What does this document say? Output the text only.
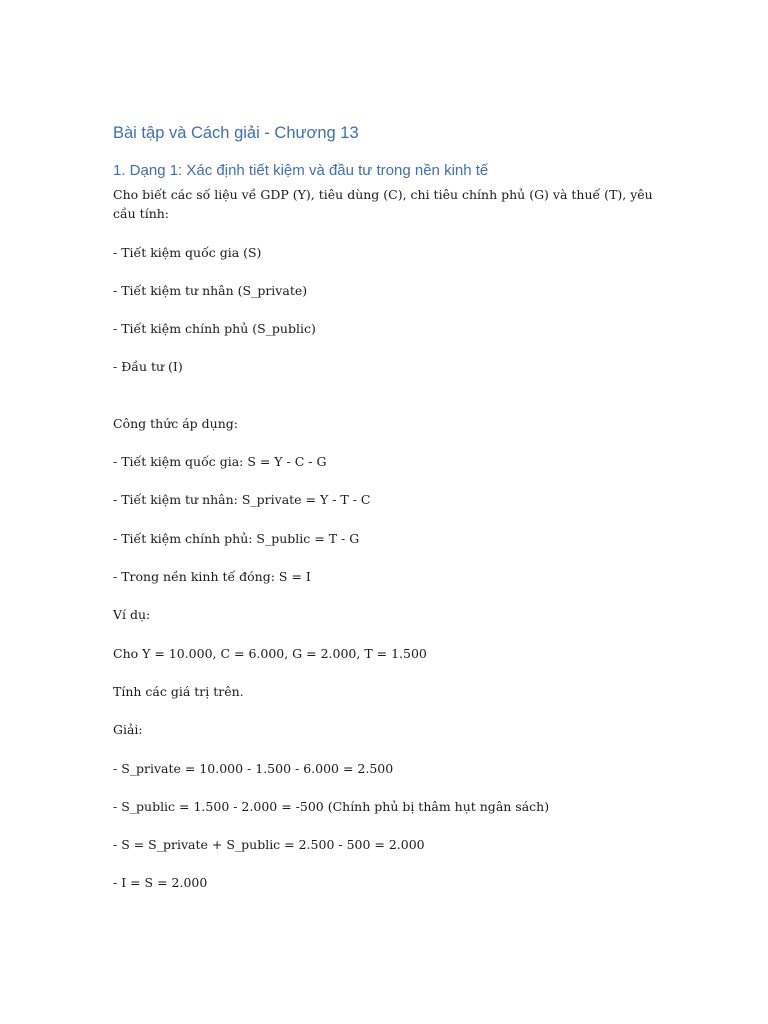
Bài tập và Cách giải - Chương 13
1. Dạng 1: Xác định tiết kiệm và đầu tư trong nền kinh tế

Cho biết các số liệu về GDP (Y), tiêu dùng (C), chi tiêu chính phủ (G) và thuế (T), yêu cầu tính:

- Tiết kiệm quốc gia (S)

- Tiết kiệm tư nhân (S_private)

- Tiết kiệm chính phủ (S_public)

- Đầu tư (I)

Công thức áp dụng:

- Tiết kiệm quốc gia: S = Y - C - G

- Tiết kiệm tư nhân: S_private = Y - T - C

- Tiết kiệm chính phủ: S_public = T - G

- Trong nền kinh tế đóng: S = I

Ví dụ:

Cho Y = 10.000, C = 6.000, G = 2.000, T = 1.500

Tính các giá trị trên.

Giải:

- S_private = 10.000 - 1.500 - 6.000 = 2.500

- S_public = 1.500 - 2.000 = -500 (Chính phủ bị thâm hụt ngân sách)

- S = S_private + S_public = 2.500 - 500 = 2.000

- I = S = 2.000
